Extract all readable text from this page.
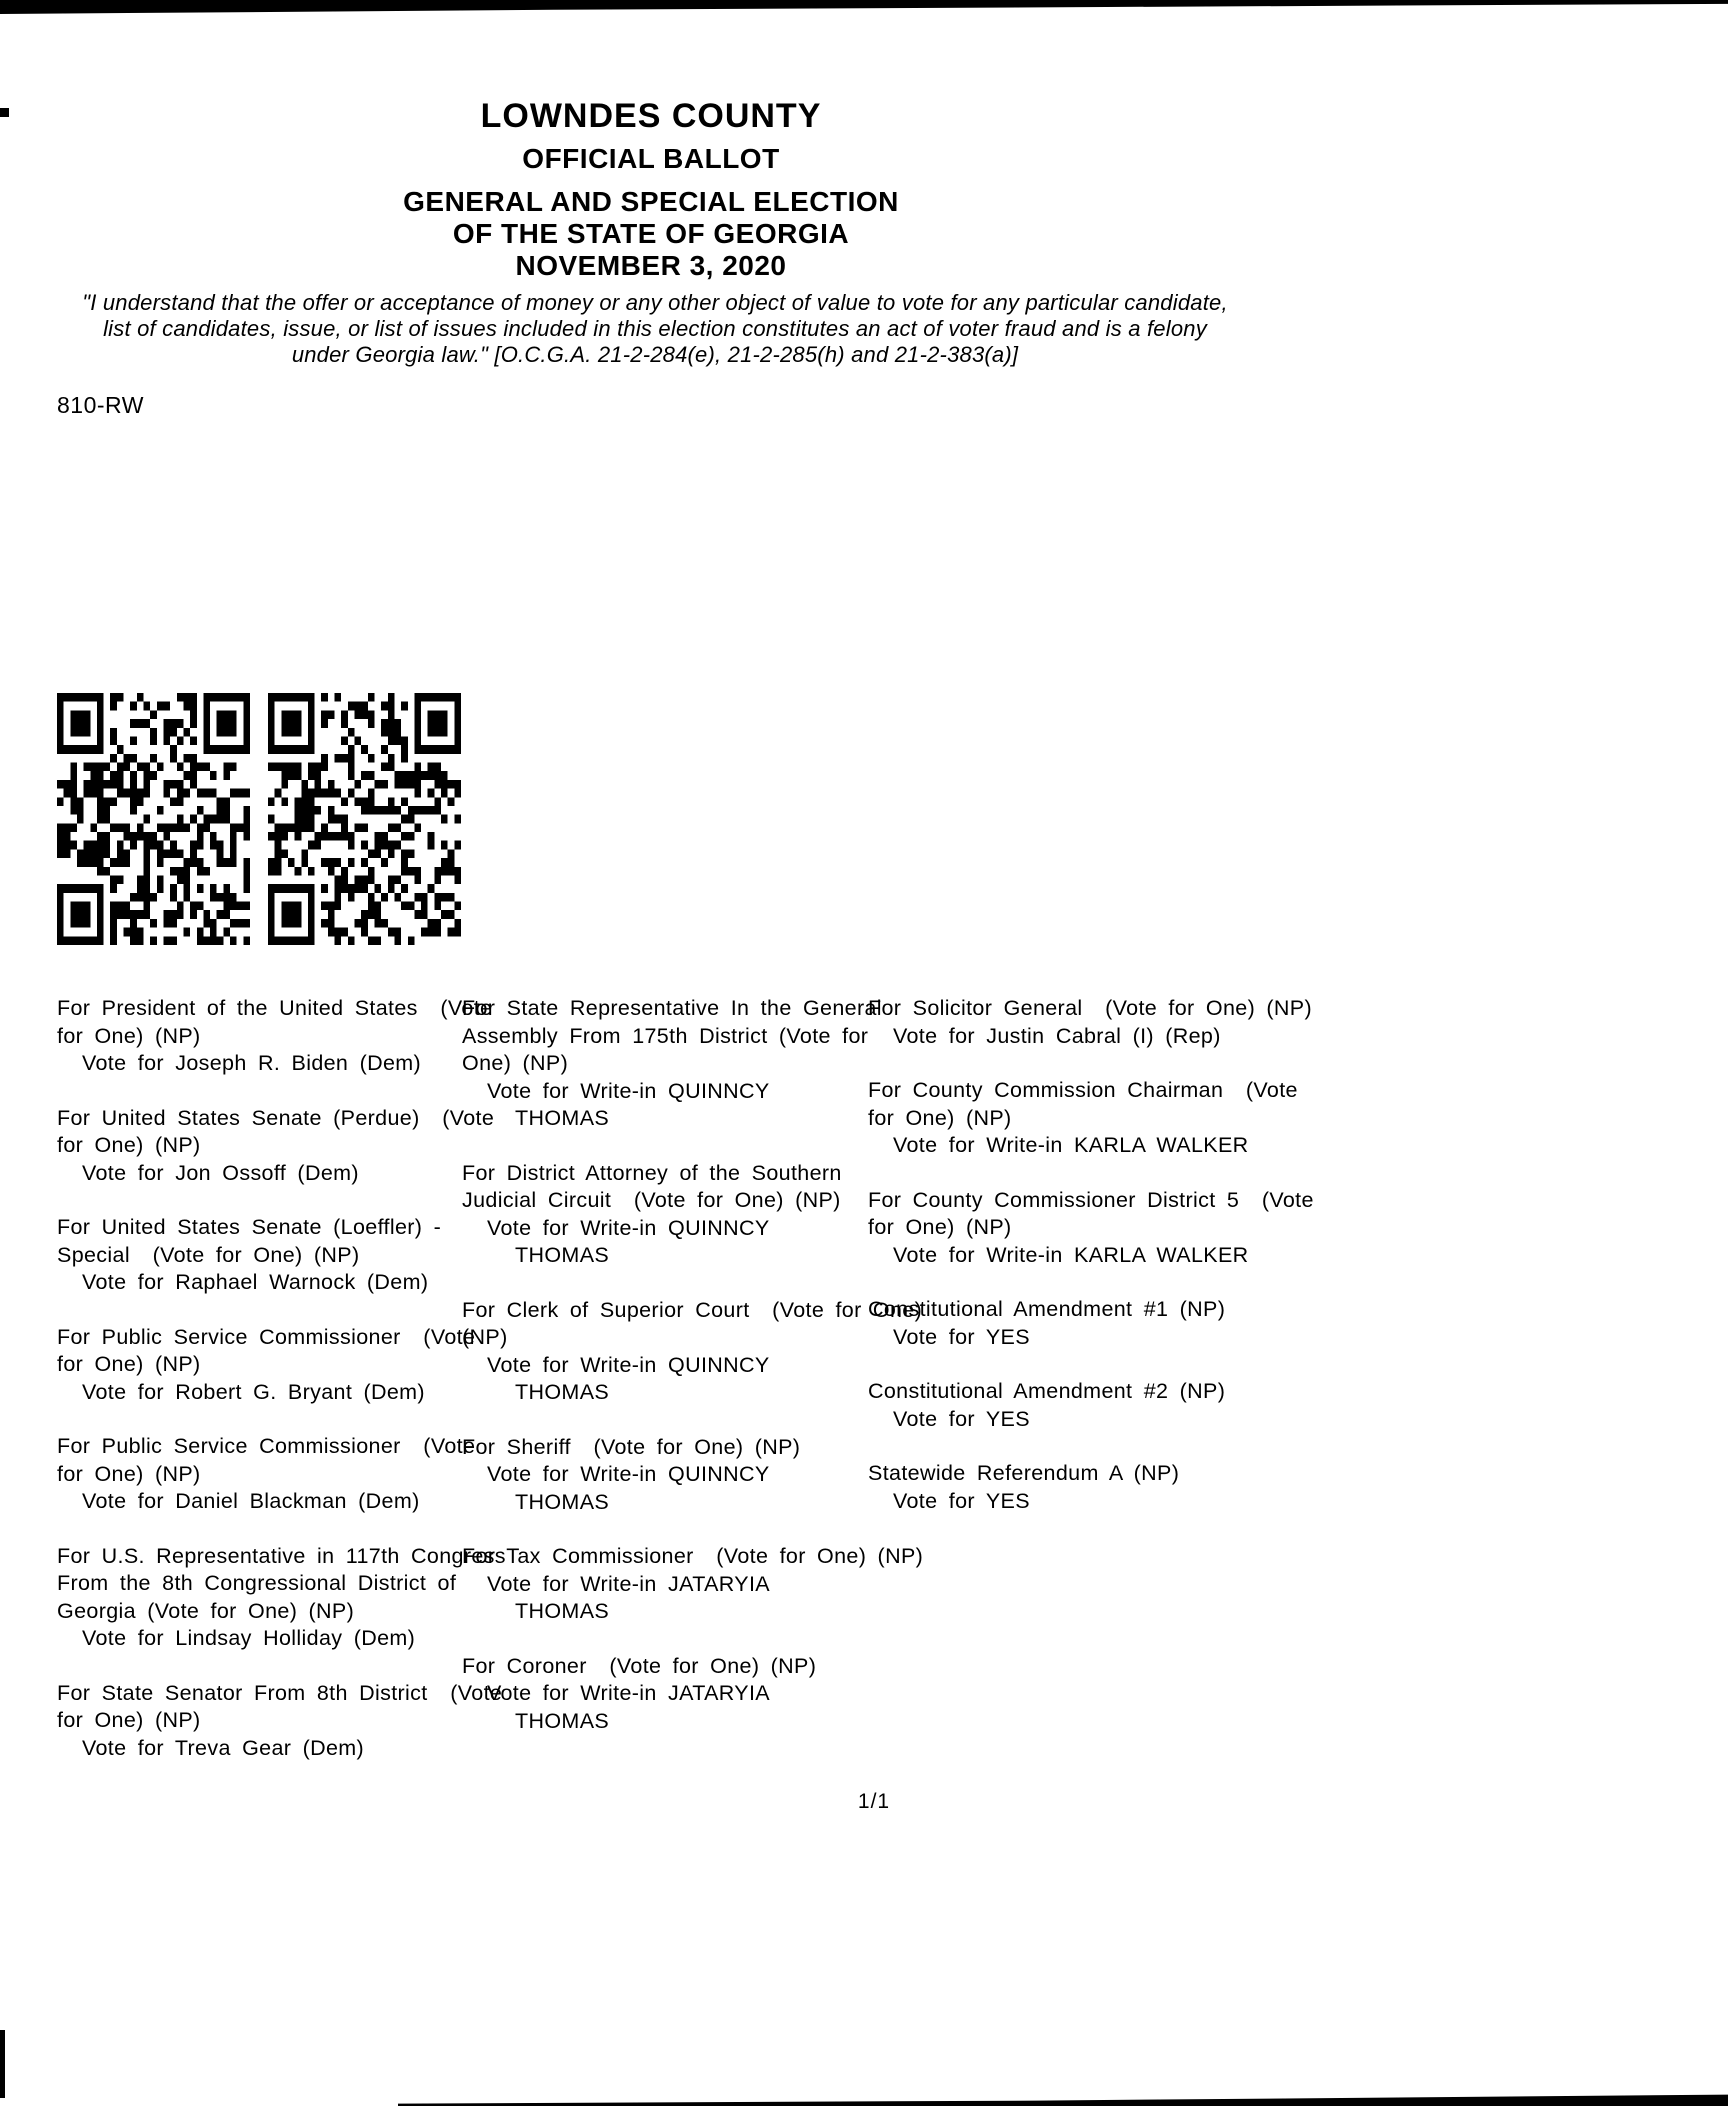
LOWNDES COUNTY
OFFICIAL BALLOT
GENERAL AND SPECIAL ELECTION
OF THE STATE OF GEORGIA
NOVEMBER 3, 2020
"I understand that the offer or acceptance of money or any other object of value to vote for any particular candidate,
list of candidates, issue, or list of issues included in this election constitutes an act of voter fraud and is a felony
under Georgia law." [O.C.G.A. 21-2-284(e), 21-2-285(h) and 21-2-383(a)]
810-RW
For President of the United States  (Vote
for One) (NP)
Vote for Joseph R. Biden (Dem)
For United States Senate (Perdue)  (Vote
for One) (NP)
Vote for Jon Ossoff (Dem)
For United States Senate (Loeffler) -
Special  (Vote for One) (NP)
Vote for Raphael Warnock (Dem)
For Public Service Commissioner  (Vote
for One) (NP)
Vote for Robert G. Bryant (Dem)
For Public Service Commissioner  (Vote
for One) (NP)
Vote for Daniel Blackman (Dem)
For U.S. Representative in 117th Congress
From the 8th Congressional District of
Georgia (Vote for One) (NP)
Vote for Lindsay Holliday (Dem)
For State Senator From 8th District  (Vote
for One) (NP)
Vote for Treva Gear (Dem)
For State Representative In the General
Assembly From 175th District (Vote for
One) (NP)
Vote for Write-in QUINNCY
THOMAS
For District Attorney of the Southern
Judicial Circuit  (Vote for One) (NP)
Vote for Write-in QUINNCY
THOMAS
For Clerk of Superior Court  (Vote for One)
(NP)
Vote for Write-in QUINNCY
THOMAS
For Sheriff  (Vote for One) (NP)
Vote for Write-in QUINNCY
THOMAS
For Tax Commissioner  (Vote for One) (NP)
Vote for Write-in JATARYIA
THOMAS
For Coroner  (Vote for One) (NP)
Vote for Write-in JATARYIA
THOMAS
For Solicitor General  (Vote for One) (NP)
Vote for Justin Cabral (I) (Rep)
For County Commission Chairman  (Vote
for One) (NP)
Vote for Write-in KARLA WALKER
For County Commissioner District 5  (Vote
for One) (NP)
Vote for Write-in KARLA WALKER
Constitutional Amendment #1 (NP)
Vote for YES
Constitutional Amendment #2 (NP)
Vote for YES
Statewide Referendum A (NP)
Vote for YES
1/1
